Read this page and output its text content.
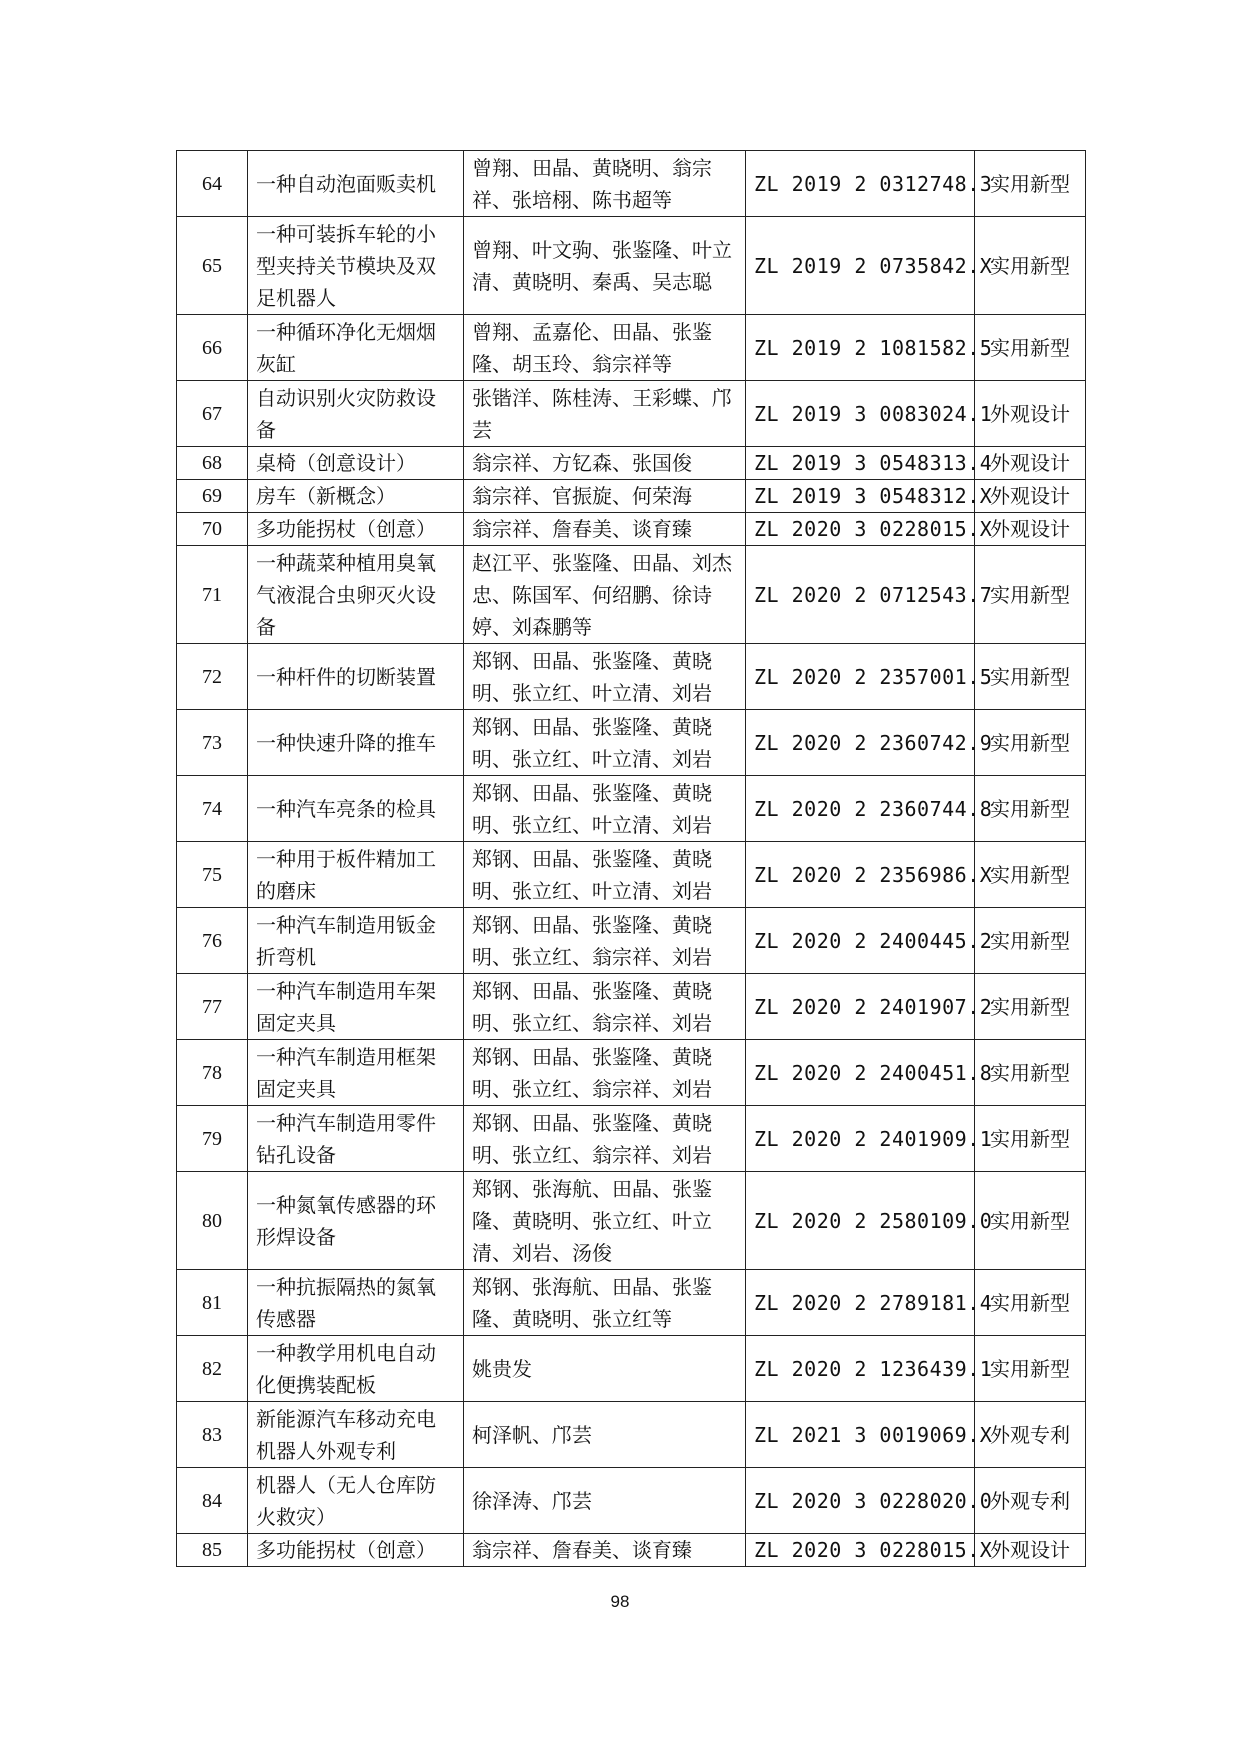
64	一种自动泡面贩卖机	曾翔、田晶、黄晓明、翁宗祥、张培栩、陈书超等	ZL 2019 2 0312748.3	实用新型
65	一种可装拆车轮的小型夹持关节模块及双足机器人	曾翔、叶文驹、张鉴隆、叶立清、黄晓明、秦禹、吴志聪	ZL 2019 2 0735842.X	实用新型
66	一种循环净化无烟烟灰缸	曾翔、孟嘉伦、田晶、张鉴隆、胡玉玲、翁宗祥等	ZL 2019 2 1081582.5	实用新型
67	自动识别火灾防救设备	张锴洋、陈桂涛、王彩蝶、邝芸	ZL 2019 3 0083024.1	外观设计
68	桌椅（创意设计）	翁宗祥、方钇森、张国俊	ZL 2019 3 0548313.4	外观设计
69	房车（新概念）	翁宗祥、官振旋、何荣海	ZL 2019 3 0548312.X	外观设计
70	多功能拐杖（创意）	翁宗祥、詹春美、谈育臻	ZL 2020 3 0228015.X	外观设计
71	一种蔬菜种植用臭氧气液混合虫卵灭火设备	赵江平、张鉴隆、田晶、刘杰忠、陈国军、何绍鹏、徐诗婷、刘森鹏等	ZL 2020 2 0712543.7	实用新型
72	一种杆件的切断装置	郑钢、田晶、张鉴隆、黄晓明、张立红、叶立清、刘岩	ZL 2020 2 2357001.5	实用新型
73	一种快速升降的推车	郑钢、田晶、张鉴隆、黄晓明、张立红、叶立清、刘岩	ZL 2020 2 2360742.9	实用新型
74	一种汽车亮条的检具	郑钢、田晶、张鉴隆、黄晓明、张立红、叶立清、刘岩	ZL 2020 2 2360744.8	实用新型
75	一种用于板件精加工的磨床	郑钢、田晶、张鉴隆、黄晓明、张立红、叶立清、刘岩	ZL 2020 2 2356986.X	实用新型
76	一种汽车制造用钣金折弯机	郑钢、田晶、张鉴隆、黄晓明、张立红、翁宗祥、刘岩	ZL 2020 2 2400445.2	实用新型
77	一种汽车制造用车架固定夹具	郑钢、田晶、张鉴隆、黄晓明、张立红、翁宗祥、刘岩	ZL 2020 2 2401907.2	实用新型
78	一种汽车制造用框架固定夹具	郑钢、田晶、张鉴隆、黄晓明、张立红、翁宗祥、刘岩	ZL 2020 2 2400451.8	实用新型
79	一种汽车制造用零件钻孔设备	郑钢、田晶、张鉴隆、黄晓明、张立红、翁宗祥、刘岩	ZL 2020 2 2401909.1	实用新型
80	一种氮氧传感器的环形焊设备	郑钢、张海航、田晶、张鉴隆、黄晓明、张立红、叶立清、刘岩、汤俊	ZL 2020 2 2580109.0	实用新型
81	一种抗振隔热的氮氧传感器	郑钢、张海航、田晶、张鉴隆、黄晓明、张立红等	ZL 2020 2 2789181.4	实用新型
82	一种教学用机电自动化便携装配板	姚贵发	ZL 2020 2 1236439.1	实用新型
83	新能源汽车移动充电机器人外观专利	柯泽帆、邝芸	ZL 2021 3 0019069.X	外观专利
84	机器人（无人仓库防火救灾）	徐泽涛、邝芸	ZL 2020 3 0228020.0	外观专利
85	多功能拐杖（创意）	翁宗祥、詹春美、谈育臻	ZL 2020 3 0228015.X	外观设计
98
